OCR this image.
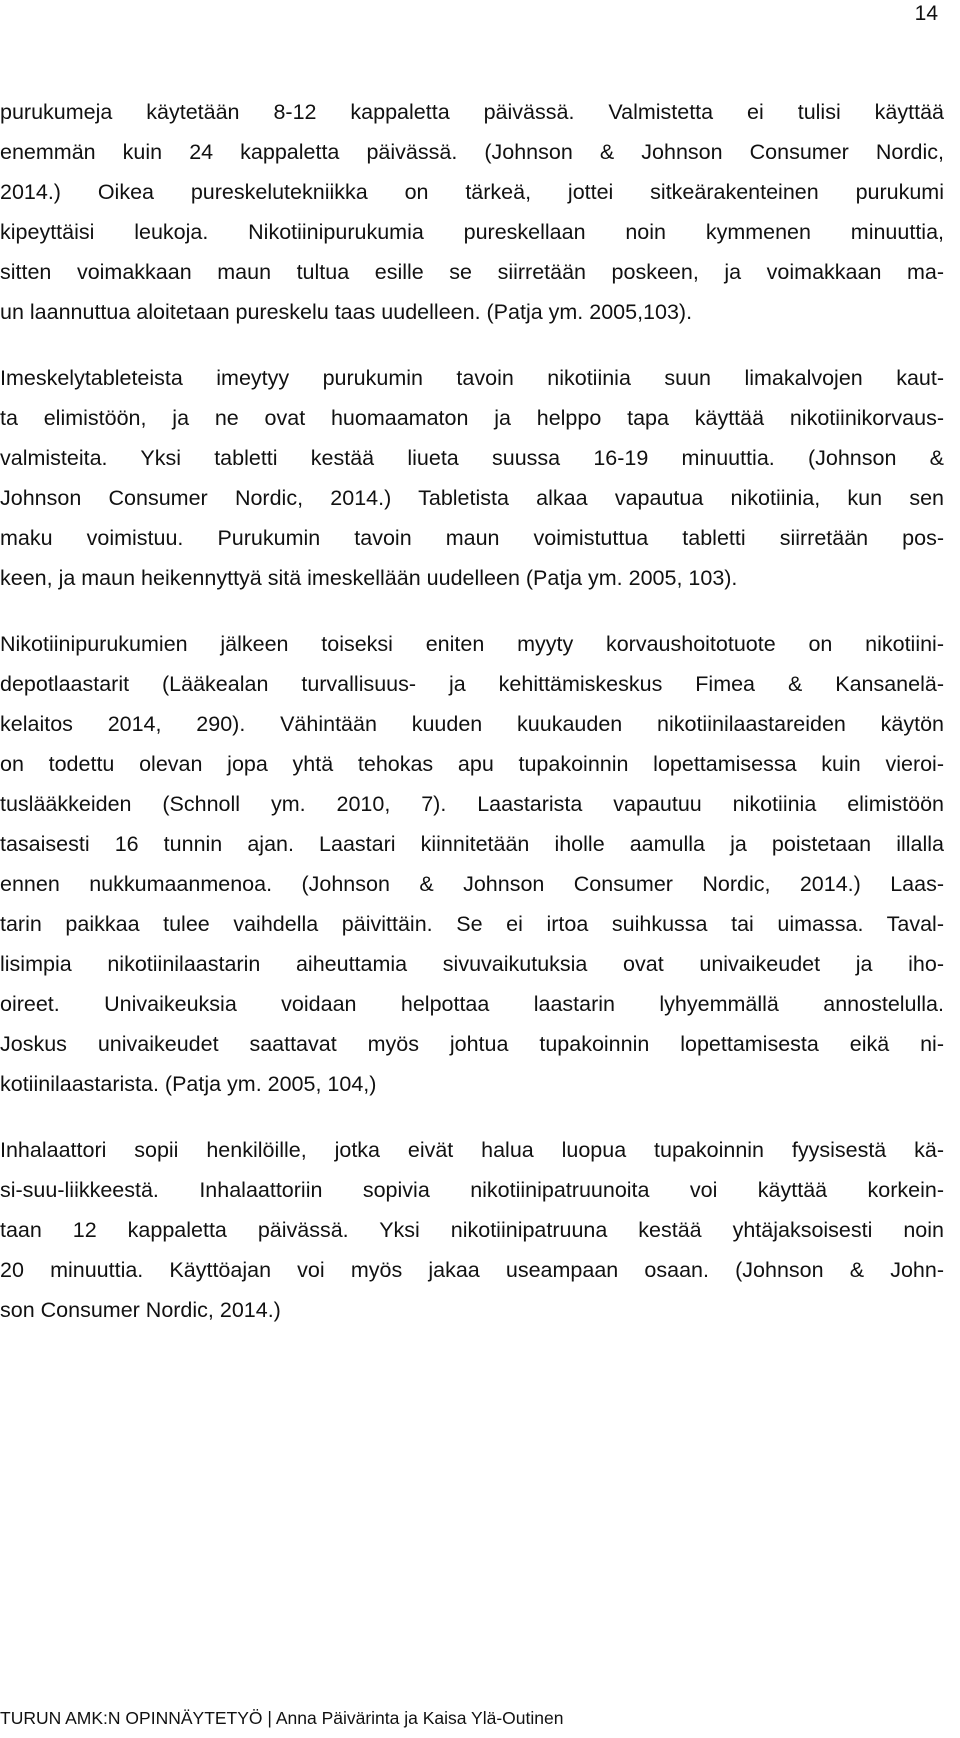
14
purukumeja käytetään 8-12 kappaletta päivässä. Valmistetta ei tulisi käyttää
enemmän kuin 24 kappaletta päivässä. (Johnson & Johnson Consumer Nordic,
2014.) Oikea pureskelutekniikka on tärkeä, jottei sitkeärakenteinen purukumi
kipeyttäisi leukoja. Nikotiinipurukumia pureskellaan noin kymmenen minuuttia,
sitten voimakkaan maun tultua esille se siirretään poskeen, ja voimakkaan ma-
un laannuttua aloitetaan pureskelu taas uudelleen. (Patja ym. 2005,103).
Imeskelytableteista imeytyy purukumin tavoin nikotiinia suun limakalvojen kaut-
ta elimistöön, ja ne ovat huomaamaton ja helppo tapa käyttää nikotiinikorvaus-
valmisteita. Yksi tabletti kestää liueta suussa 16-19 minuuttia. (Johnson &
Johnson Consumer Nordic, 2014.) Tabletista alkaa vapautua nikotiinia, kun sen
maku voimistuu. Purukumin tavoin maun voimistuttua tabletti siirretään pos-
keen, ja maun heikennyttyä sitä imeskellään uudelleen (Patja ym. 2005, 103).
Nikotiinipurukumien jälkeen toiseksi eniten myyty korvaushoitotuote on nikotiini-
depotlaastarit (Lääkealan turvallisuus- ja kehittämiskeskus Fimea & Kansanelä-
kelaitos 2014, 290). Vähintään kuuden kuukauden nikotiinilaastareiden käytön
on todettu olevan jopa yhtä tehokas apu tupakoinnin lopettamisessa kuin vieroi-
tuslääkkeiden (Schnoll ym. 2010, 7). Laastarista vapautuu nikotiinia elimistöön
tasaisesti 16 tunnin ajan. Laastari kiinnitetään iholle aamulla ja poistetaan illalla
ennen nukkumaanmenoa. (Johnson & Johnson Consumer Nordic, 2014.) Laas-
tarin paikkaa tulee vaihdella päivittäin. Se ei irtoa suihkussa tai uimassa. Taval-
lisimpia nikotiinilaastarin aiheuttamia sivuvaikutuksia ovat univaikeudet ja iho-
oireet. Univaikeuksia voidaan helpottaa laastarin lyhyemmällä annostelulla.
Joskus univaikeudet saattavat myös johtua tupakoinnin lopettamisesta eikä ni-
kotiinilaastarista. (Patja ym. 2005, 104,)
Inhalaattori sopii henkilöille, jotka eivät halua luopua tupakoinnin fyysisestä kä-
si-suu-liikkeestä. Inhalaattoriin sopivia nikotiinipatruunoita voi käyttää korkein-
taan 12 kappaletta päivässä. Yksi nikotiinipatruuna kestää yhtäjaksoisesti noin
20 minuuttia. Käyttöajan voi myös jakaa useampaan osaan. (Johnson & John-
son Consumer Nordic, 2014.)
TURUN AMK:N OPINNÄYTETYÖ | Anna Päivärinta ja Kaisa Ylä-Outinen
